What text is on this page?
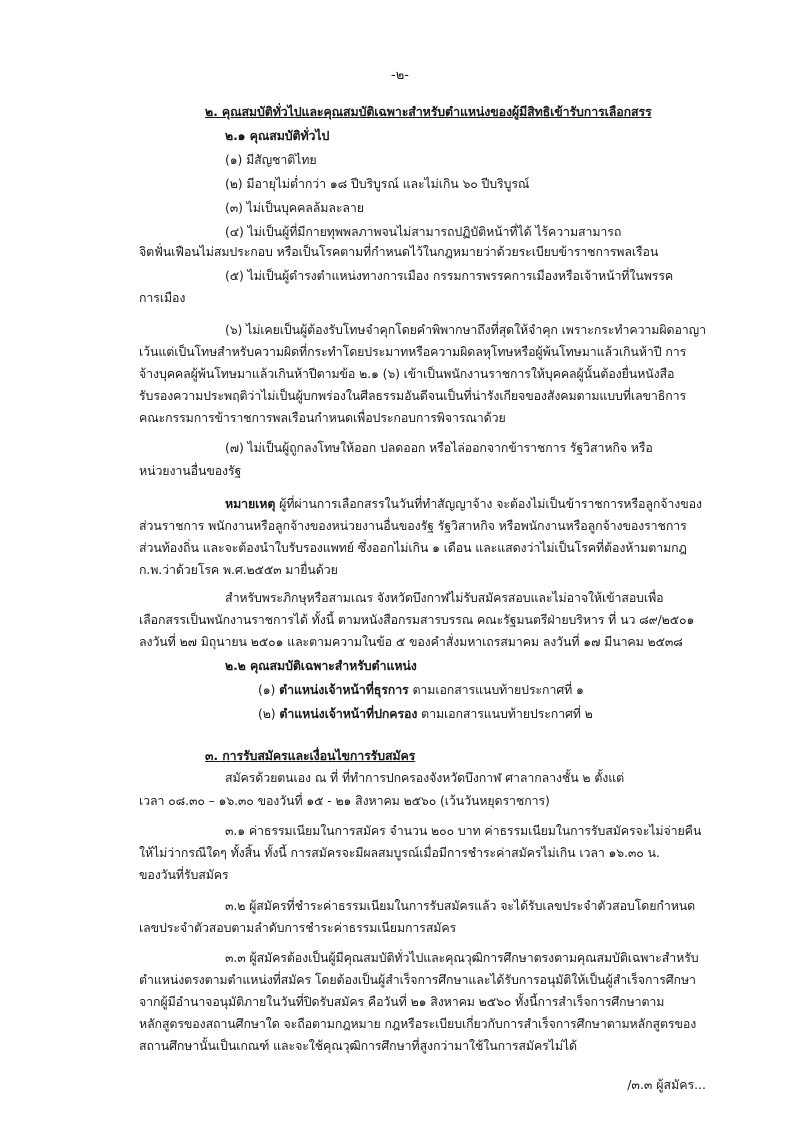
-๒-
๒. คุณสมบัติทั่วไปและคุณสมบัติเฉพาะสำหรับตำแหน่งของผู้มีสิทธิเข้ารับการเลือกสรร
๒.๑ คุณสมบัติทั่วไป
(๑) มีสัญชาติไทย
(๒) มีอายุไม่ต่ำกว่า ๑๘ ปีบริบูรณ์ และไม่เกิน ๖๐ ปีบริบูรณ์
(๓) ไม่เป็นบุคคลล้มละลาย
(๔) ไม่เป็นผู้ที่มีกายทุพพลภาพจนไม่สามารถปฏิบัติหน้าที่ได้ ไร้ความสามารถ
จิตฟั่นเฟือนไม่สมประกอบ หรือเป็นโรคตามที่กำหนดไว้ในกฎหมายว่าด้วยระเบียบข้าราชการพลเรือน
(๕) ไม่เป็นผู้ดำรงตำแหน่งทางการเมือง กรรมการพรรคการเมืองหรือเจ้าหน้าที่ในพรรค
การเมือง
(๖) ไม่เคยเป็นผู้ต้องรับโทษจำคุกโดยคำพิพากษาถึงที่สุดให้จำคุก เพราะกระทำความผิดอาญา
เว้นแต่เป็นโทษสำหรับความผิดที่กระทำโดยประมาทหรือความผิดลหุโทษหรือผู้พ้นโทษมาแล้วเกินห้าปี การ
จ้างบุคคลผู้พ้นโทษมาแล้วเกินห้าปีตามข้อ ๒.๑ (๖) เข้าเป็นพนักงานราชการให้บุคคลผู้นั้นต้องยื่นหนังสือ
รับรองความประพฤติว่าไม่เป็นผู้บกพร่องในศีลธรรมอันดีจนเป็นที่น่ารังเกียจของสังคมตามแบบที่เลขาธิการ
คณะกรรมการข้าราชการพลเรือนกำหนดเพื่อประกอบการพิจารณาด้วย
(๗) ไม่เป็นผู้ถูกลงโทษให้ออก ปลดออก หรือไล่ออกจากข้าราชการ รัฐวิสาหกิจ หรือ
หน่วยงานอื่นของรัฐ
หมายเหตุ ผู้ที่ผ่านการเลือกสรรในวันที่ทำสัญญาจ้าง จะต้องไม่เป็นข้าราชการหรือลูกจ้างของ
ส่วนราชการ พนักงานหรือลูกจ้างของหน่วยงานอื่นของรัฐ รัฐวิสาหกิจ หรือพนักงานหรือลูกจ้างของราชการ
ส่วนท้องถิ่น และจะต้องนำใบรับรองแพทย์ ซึ่งออกไม่เกิน ๑ เดือน และแสดงว่าไม่เป็นโรคที่ต้องห้ามตามกฎ
ก.พ.ว่าด้วยโรค พ.ศ.๒๕๕๓ มายื่นด้วย
สำหรับพระภิกษุหรือสามเณร จังหวัดบึงกาฬไม่รับสมัครสอบและไม่อาจให้เข้าสอบเพื่อ
เลือกสรรเป็นพนักงานราชการได้ ทั้งนี้ ตามหนังสือกรมสารบรรณ คณะรัฐมนตรีฝ่ายบริหาร ที่ นว ๘๙/๒๕๐๑
ลงวันที่ ๒๗ มิถุนายน ๒๕๐๑ และตามความในข้อ ๕ ของคำสั่งมหาเถรสมาคม ลงวันที่ ๑๗ มีนาคม ๒๕๓๘
๒.๒ คุณสมบัติเฉพาะสำหรับตำแหน่ง
(๑) ตำแหน่งเจ้าหน้าที่ธุรการ ตามเอกสารแนบท้ายประกาศที่ ๑
(๒) ตำแหน่งเจ้าหน้าที่ปกครอง ตามเอกสารแนบท้ายประกาศที่ ๒
๓. การรับสมัครและเงื่อนไขการรับสมัคร
สมัครด้วยตนเอง ณ ที่ ที่ทำการปกครองจังหวัดบึงกาฬ ศาลากลางชั้น ๒ ตั้งแต่
เวลา ๐๘.๓๐ – ๑๖.๓๐ ของวันที่ ๑๕ - ๒๑ สิงหาคม ๒๕๖๐ (เว้นวันหยุดราชการ)
๓.๑ ค่าธรรมเนียมในการสมัคร จำนวน ๒๐๐ บาท ค่าธรรมเนียมในการรับสมัครจะไม่จ่ายคืน
ให้ไม่ว่ากรณีใดๆ ทั้งสิ้น ทั้งนี้ การสมัครจะมีผลสมบูรณ์เมื่อมีการชำระค่าสมัครไม่เกิน เวลา ๑๖.๓๐ น.
ของวันที่รับสมัคร
๓.๒ ผู้สมัครที่ชำระค่าธรรมเนียมในการรับสมัครแล้ว จะได้รับเลขประจำตัวสอบโดยกำหนด
เลขประจำตัวสอบตามลำดับการชำระค่าธรรมเนียมการสมัคร
๓.๓ ผู้สมัครต้องเป็นผู้มีคุณสมบัติทั่วไปและคุณวุฒิการศึกษาตรงตามคุณสมบัติเฉพาะสำหรับ
ตำแหน่งตรงตามตำแหน่งที่สมัคร โดยต้องเป็นผู้สำเร็จการศึกษาและได้รับการอนุมัติให้เป็นผู้สำเร็จการศึกษา
จากผู้มีอำนาจอนุมัติภายในวันที่ปิดรับสมัคร คือวันที่ ๒๑ สิงหาคม ๒๕๖๐ ทั้งนี้การสำเร็จการศึกษาตาม
หลักสูตรของสถานศึกษาใด จะถือตามกฎหมาย กฎหรือระเบียบเกี่ยวกับการสำเร็จการศึกษาตามหลักสูตรของ
สถานศึกษานั้นเป็นเกณฑ์ และจะใช้คุณวุฒิการศึกษาที่สูงกว่ามาใช้ในการสมัครไม่ได้
/๓.๓ ผู้สมัคร...
